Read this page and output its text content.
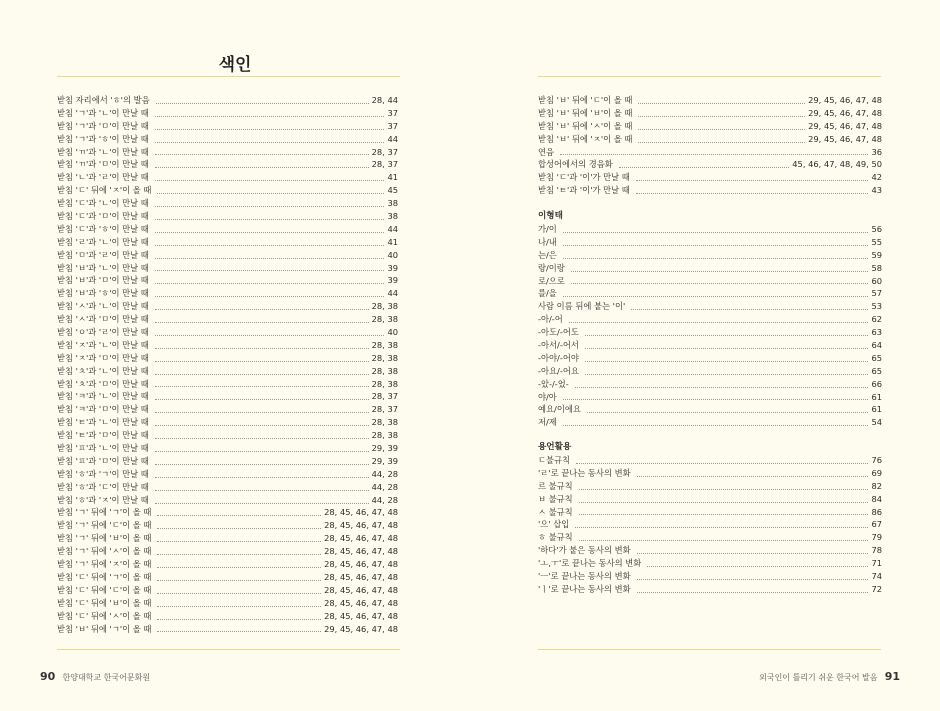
색인
받침 자리에서 'ㅎ'의 발음	28, 44
받침 'ㄱ'과 'ㄴ'이 만날 때	37
받침 'ㄱ'과 'ㅁ'이 만날 때	37
받침 'ㄱ'과 'ㅎ'이 만날 때	44
받침 'ㄲ'과 'ㄴ'이 만날 때	28, 37
받침 'ㄲ'과 'ㅁ'이 만날 때	28, 37
받침 'ㄴ'과 'ㄹ'이 만날 때	41
받침 'ㄷ' 뒤에 'ㅈ'이 올 때	45
받침 'ㄷ'과 'ㄴ'이 만날 때	38
받침 'ㄷ'과 'ㅁ'이 만날 때	38
받침 'ㄷ'과 'ㅎ'이 만날 때	44
받침 'ㄹ'과 'ㄴ'이 만날 때	41
받침 'ㅁ'과 'ㄹ'이 만날 때	40
받침 'ㅂ'과 'ㄴ'이 만날 때	39
받침 'ㅂ'과 'ㅁ'이 만날 때	39
받침 'ㅂ'과 'ㅎ'이 만날 때	44
받침 'ㅅ'과 'ㄴ'이 만날 때	28, 38
받침 'ㅅ'과 'ㅁ'이 만날 때	28, 38
받침 'ㅇ'과 'ㄹ'이 만날 때	40
받침 'ㅈ'과 'ㄴ'이 만날 때	28, 38
받침 'ㅈ'과 'ㅁ'이 만날 때	28, 38
받침 'ㅊ'과 'ㄴ'이 만날 때	28, 38
받침 'ㅊ'과 'ㅁ'이 만날 때	28, 38
받침 'ㅋ'과 'ㄴ'이 만날 때	28, 37
받침 'ㅋ'과 'ㅁ'이 만날 때	28, 37
받침 'ㅌ'과 'ㄴ'이 만날 때	28, 38
받침 'ㅌ'과 'ㅁ'이 만날 때	28, 38
받침 'ㅍ'과 'ㄴ'이 만날 때	29, 39
받침 'ㅍ'과 'ㅁ'이 만날 때	29, 39
받침 'ㅎ'과 'ㄱ'이 만날 때	44, 28
받침 'ㅎ'과 'ㄷ'이 만날 때	44, 28
받침 'ㅎ'과 'ㅈ'이 만날 때	44, 28
받침 'ㄱ' 뒤에 'ㄱ'이 올 때	28, 45, 46, 47, 48
받침 'ㄱ' 뒤에 'ㄷ'이 올 때	28, 45, 46, 47, 48
받침 'ㄱ' 뒤에 'ㅂ'이 올 때	28, 45, 46, 47, 48
받침 'ㄱ' 뒤에 'ㅅ'이 올 때	28, 45, 46, 47, 48
받침 'ㄱ' 뒤에 'ㅈ'이 올 때	28, 45, 46, 47, 48
받침 'ㄷ' 뒤에 'ㄱ'이 올 때	28, 45, 46, 47, 48
받침 'ㄷ' 뒤에 'ㄷ'이 올 때	28, 45, 46, 47, 48
받침 'ㄷ' 뒤에 'ㅂ'이 올 때	28, 45, 46, 47, 48
받침 'ㄷ' 뒤에 'ㅅ'이 올 때	28, 45, 46, 47, 48
받침 'ㅂ' 뒤에 'ㄱ'이 올 때	29, 45, 46, 47, 48
90 한양대학교 한국어문화원
받침 'ㅂ' 뒤에 'ㄷ'이 올 때	29, 45, 46, 47, 48
받침 'ㅂ' 뒤에 'ㅂ'이 올 때	29, 45, 46, 47, 48
받침 'ㅂ' 뒤에 'ㅅ'이 올 때	29, 45, 46, 47, 48
받침 'ㅂ' 뒤에 'ㅈ'이 올 때	29, 45, 46, 47, 48
연음	36
합성어에서의 경음화	45, 46, 47, 48, 49, 50
받침 'ㄷ'과 '이'가 만날 때	42
받침 'ㅌ'과 '이'가 만날 때	43
이형태
가/이	56
나/내	55
는/은	59
랑/이랑	58
로/으로	60
를/을	57
사람 이름 뒤에 붙는 '이'	53
-아/-어	62
-아도/-어도	63
-아서/-어서	64
-아야/-어야	65
-아요/-어요	65
-았-/-었-	66
야/아	61
예요/이에요	61
저/제	54
용언활용
ㄷ불규칙	76
'ㄹ'로 끝나는 동사의 변화	69
르 불규칙	82
ㅂ 불규칙	84
ㅅ 불규칙	86
'으' 삽입	67
ㅎ 불규칙	79
'하다'가 붙은 동사의 변화	78
'ㅗ,ㅜ'로 끝나는 동사의 변화	71
'ㅡ'로 끝나는 동사의 변화	74
'ㅣ'로 끝나는 동사의 변화	72
외국인이 틀리기 쉬운 한국어 발음 91
